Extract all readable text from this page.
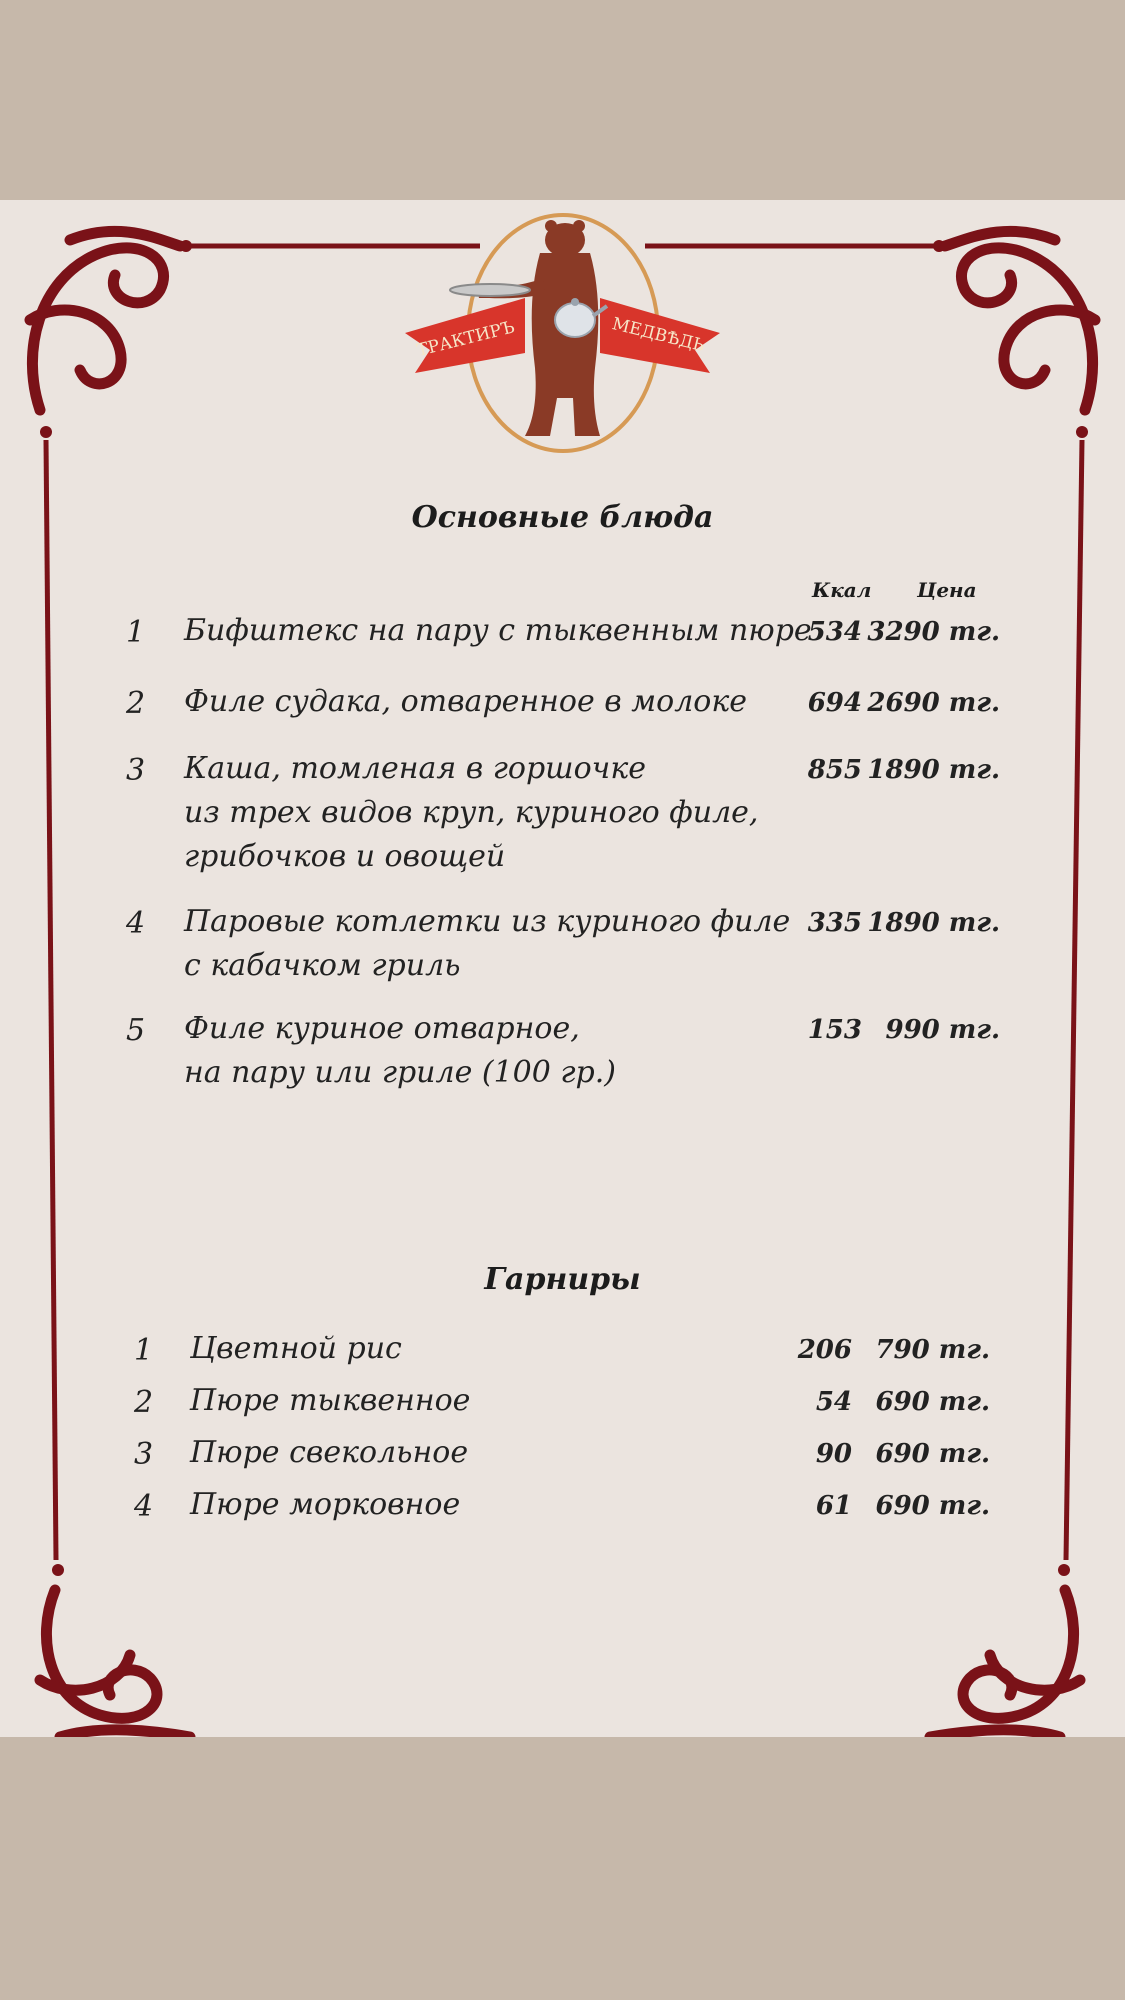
ТРАКТИРЪ	МЕДВѢДЬ
Основные блюда
Ккал Цена
1 Бифштекс на пару с тыквенным пюре
534 3290 тг.
2 Филе судака, отваренное в молоке	694 2690 тг.
3 Каша, томленая в горшочке
из трех видов круп, куриного филе,
грибочков и овощей
855 1890 тг.
4 Паровые котлетки из куриного филе
с кабачком гриль
335 1890 тг.
5 Филе куриное отварное,
на пару или гриле (100 гр.)
153 990 тг.
Гарниры
1 Цветной рис	206 790 тг.
2 Пюре тыквенное	54 690 тг.
3 Пюре свекольное	90 690 тг.
4 Пюре морковное	61 690 тг.
